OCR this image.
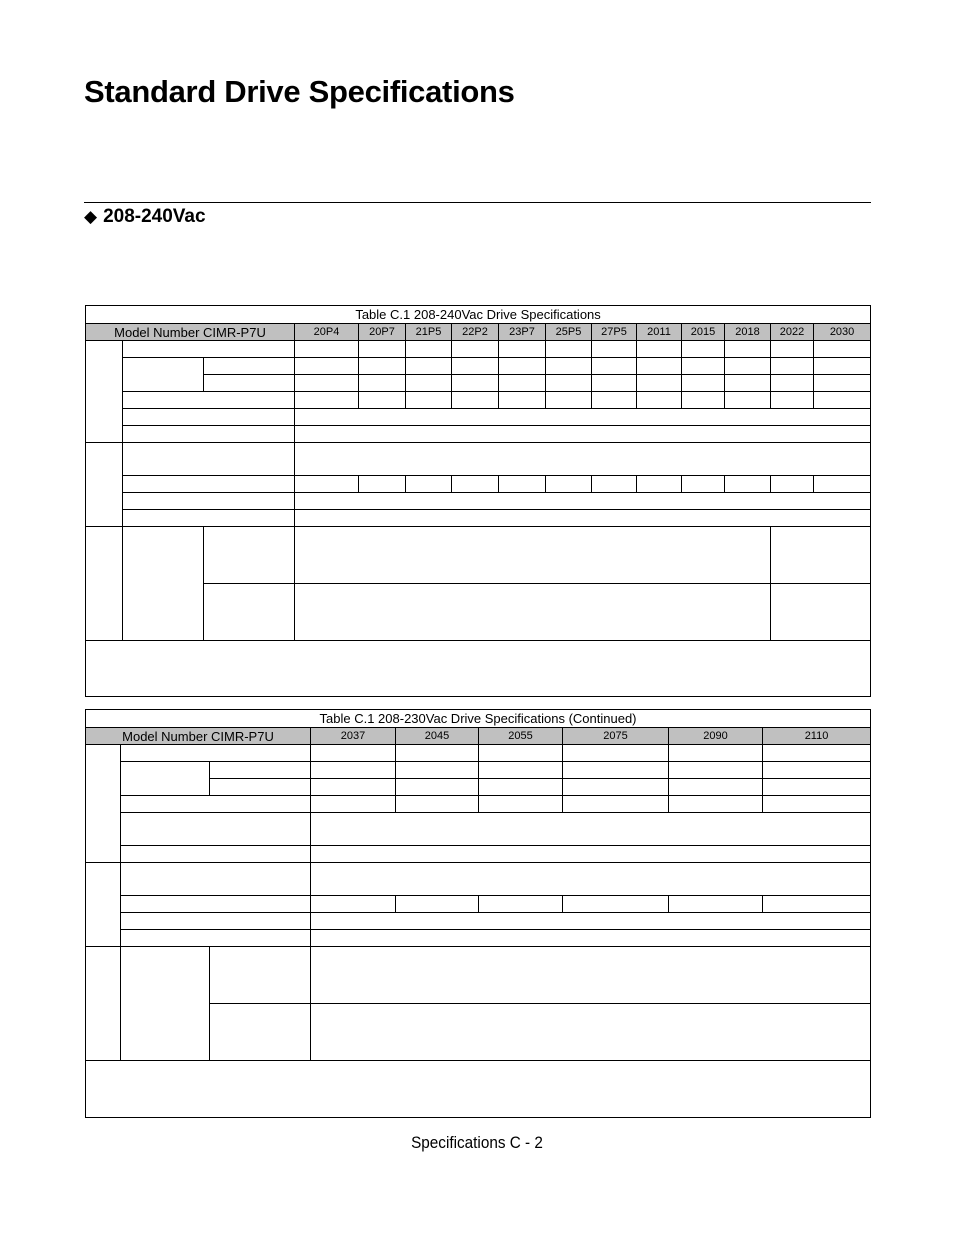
Standard Drive Specifications
◆ 208-240Vac
Table C.1 208-240Vac Drive Specifications														
Model Number CIMR-P7U			20P4	20P7	21P5	22P2	23P7	25P5	27P5	2011	2015	2018	2022	2030

Table C.1 208-230Vac Drive Specifications (Continued)								
Model Number CIMR-P7U			2037	2045	2055	2075	2090	2110

Specifications C - 2
